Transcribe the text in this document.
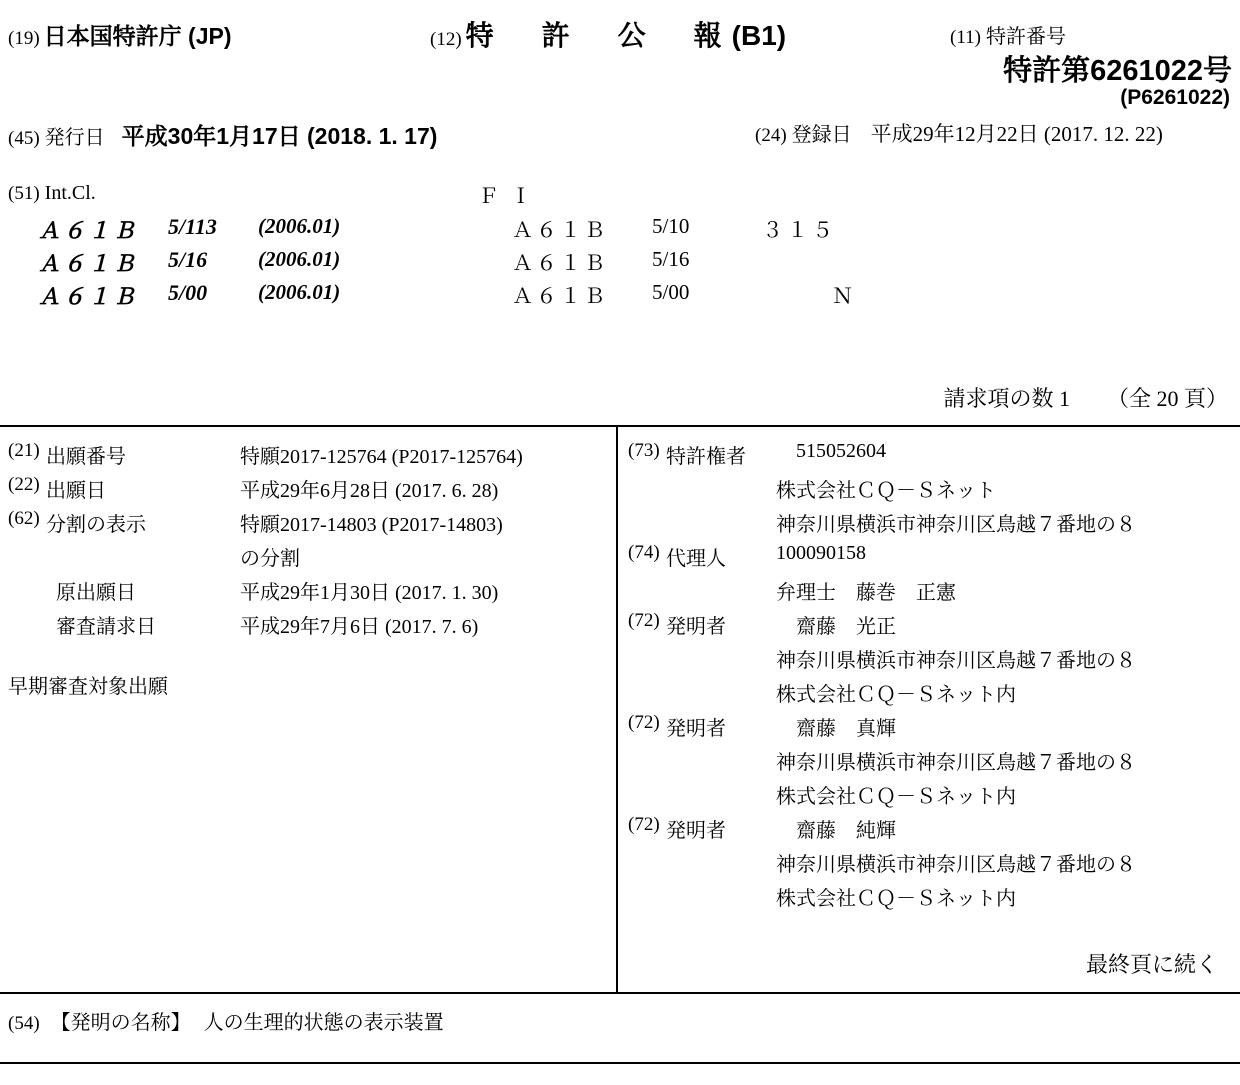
(19) 日本国特許庁 (JP)	(12) 特　許　公　報(B1)	(11) 特許番号
特許第6261022号
(P6261022)
(45) 発行日 平成30年1月17日 (2018. 1. 17)	(24) 登録日 平成29年12月22日 (2017. 12. 22)
(51) Int.Cl.	Ｆ Ｉ
Ａ６１Ｂ 5/113 (2006.01)	Ａ６１Ｂ 5/10	３１５
Ａ６１Ｂ 5/16 (2006.01)	Ａ６１Ｂ 5/16
Ａ６１Ｂ 5/00 (2006.01)	Ａ６１Ｂ 5/00	Ｎ
請求項の数 1 （全 20 頁）
(21) 出願番号	特願2017-125764 (P2017-125764)
(22) 出願日	平成29年6月28日 (2017. 6. 28)
(62) 分割の表示	特願2017-14803 (P2017-14803)
の分割
原出願日	平成29年1月30日 (2017. 1. 30)
審査請求日	平成29年7月6日 (2017. 7. 6)
早期審査対象出願
(73) 特許権者	515052604
株式会社ＣＱ－Ｓネット
神奈川県横浜市神奈川区鳥越７番地の８
(74) 代理人	100090158
弁理士　藤巻　正憲
(72) 発明者	齋藤　光正
神奈川県横浜市神奈川区鳥越７番地の８
株式会社ＣＱ－Ｓネット内
(72) 発明者	齋藤　真輝
神奈川県横浜市神奈川区鳥越７番地の８
株式会社ＣＱ－Ｓネット内
(72) 発明者	齋藤　純輝
神奈川県横浜市神奈川区鳥越７番地の８
株式会社ＣＱ－Ｓネット内
最終頁に続く
(54) 【発明の名称】 人の生理的状態の表示装置
